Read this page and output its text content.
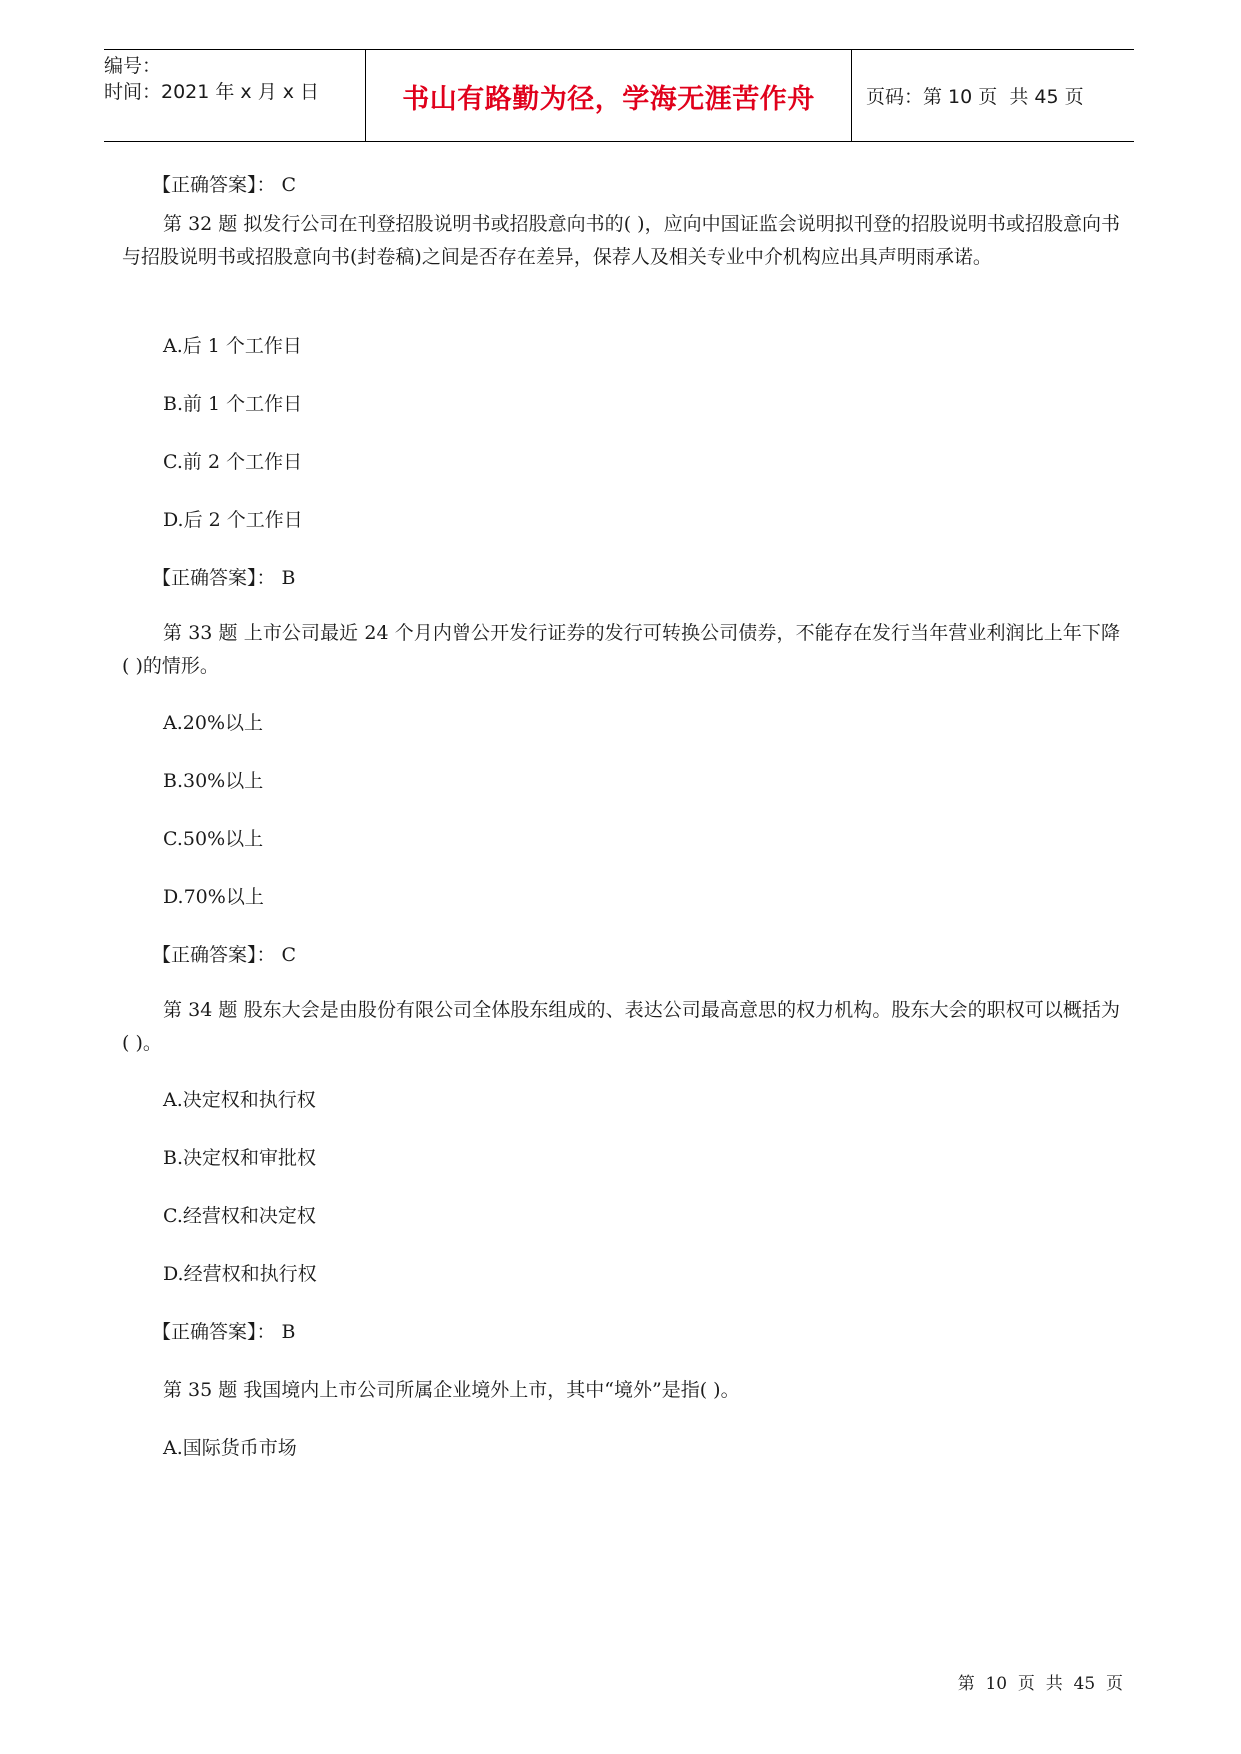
编号：
时间：2021 年 x 月 x 日	书山有路勤为径，学海无涯苦作舟	页码：第 10 页  共 45 页
【正确答案】： C
第 32 题 拟发行公司在刊登招股说明书或招股意向书的( )，应向中国证监会说明拟刊登的招股说明书或招股意向书与招股说明书或招股意向书(封卷稿)之间是否存在差异，保荐人及相关专业中介机构应出具声明雨承诺。
A.后 1 个工作日
B.前 1 个工作日
C.前 2 个工作日
D.后 2 个工作日
【正确答案】： B
第 33 题 上市公司最近 24 个月内曾公开发行证券的发行可转换公司债券，不能存在发行当年营业利润比上年下降( )的情形。
A.20%以上
B.30%以上
C.50%以上
D.70%以上
【正确答案】： C
第 34 题 股东大会是由股份有限公司全体股东组成的、表达公司最高意思的权力机构。股东大会的职权可以概括为( )。
A.决定权和执行权
B.决定权和审批权
C.经营权和决定权
D.经营权和执行权
【正确答案】： B
第 35 题 我国境内上市公司所属企业境外上市，其中“境外”是指( )。
A.国际货币市场
第  10  页  共  45  页
